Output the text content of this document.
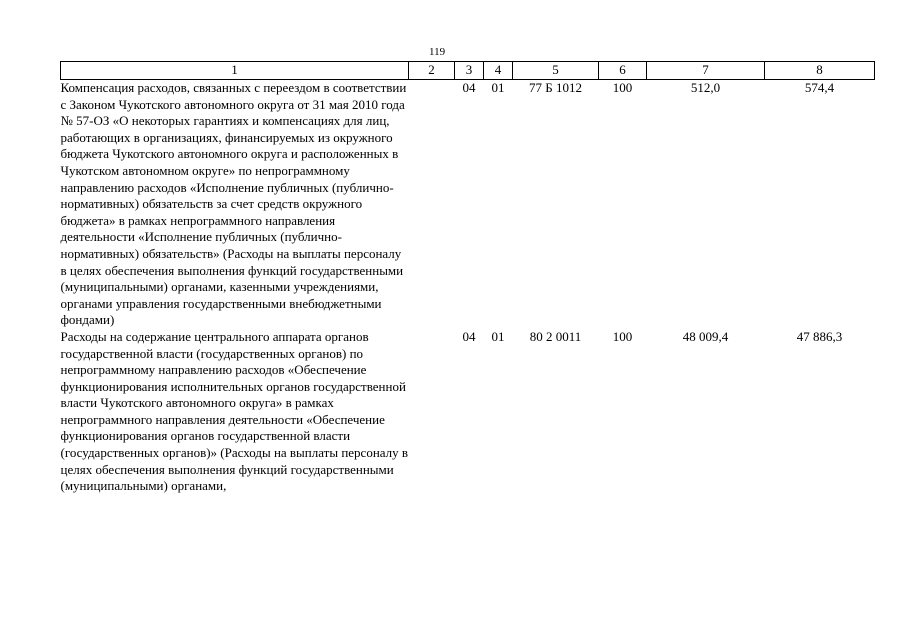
119
1	2	3	4	5	6	7	8
Компенсация расходов, связанных с переездом в соответствии с Законом Чукотского автономного округа от 31 мая 2010 года № 57-ОЗ «О некоторых гарантиях и компенсациях для лиц, работающих в организациях, финансируемых из окружного бюджета Чукотского автономного округа и расположенных в Чукотском автономном округе» по непрограммному направлению расходов «Исполнение публичных (публично-нормативных) обязательств за счет средств окружного бюджета» в рамках непрограммного направления деятельности «Исполнение публичных (публично-нормативных) обязательств» (Расходы на выплаты персоналу в целях обеспечения выполнения функций государственными (муниципальными) органами, казенными учреждениями, органами управления государственными внебюджетными фондами)		04	01	77 Б 1012	100	512,0	574,4
Расходы на содержание центрального аппарата органов государственной власти (государственных органов) по непрограммному направлению расходов «Обеспечение функционирования исполнительных органов государственной власти Чукотского автономного округа» в рамках непрограммного направления деятельности «Обеспечение функционирования органов государственной власти (государственных органов)» (Расходы на выплаты персоналу в целях обеспечения выполнения функций государственными (муниципальными) органами,		04	01	80 2 0011	100	48 009,4	47 886,3
